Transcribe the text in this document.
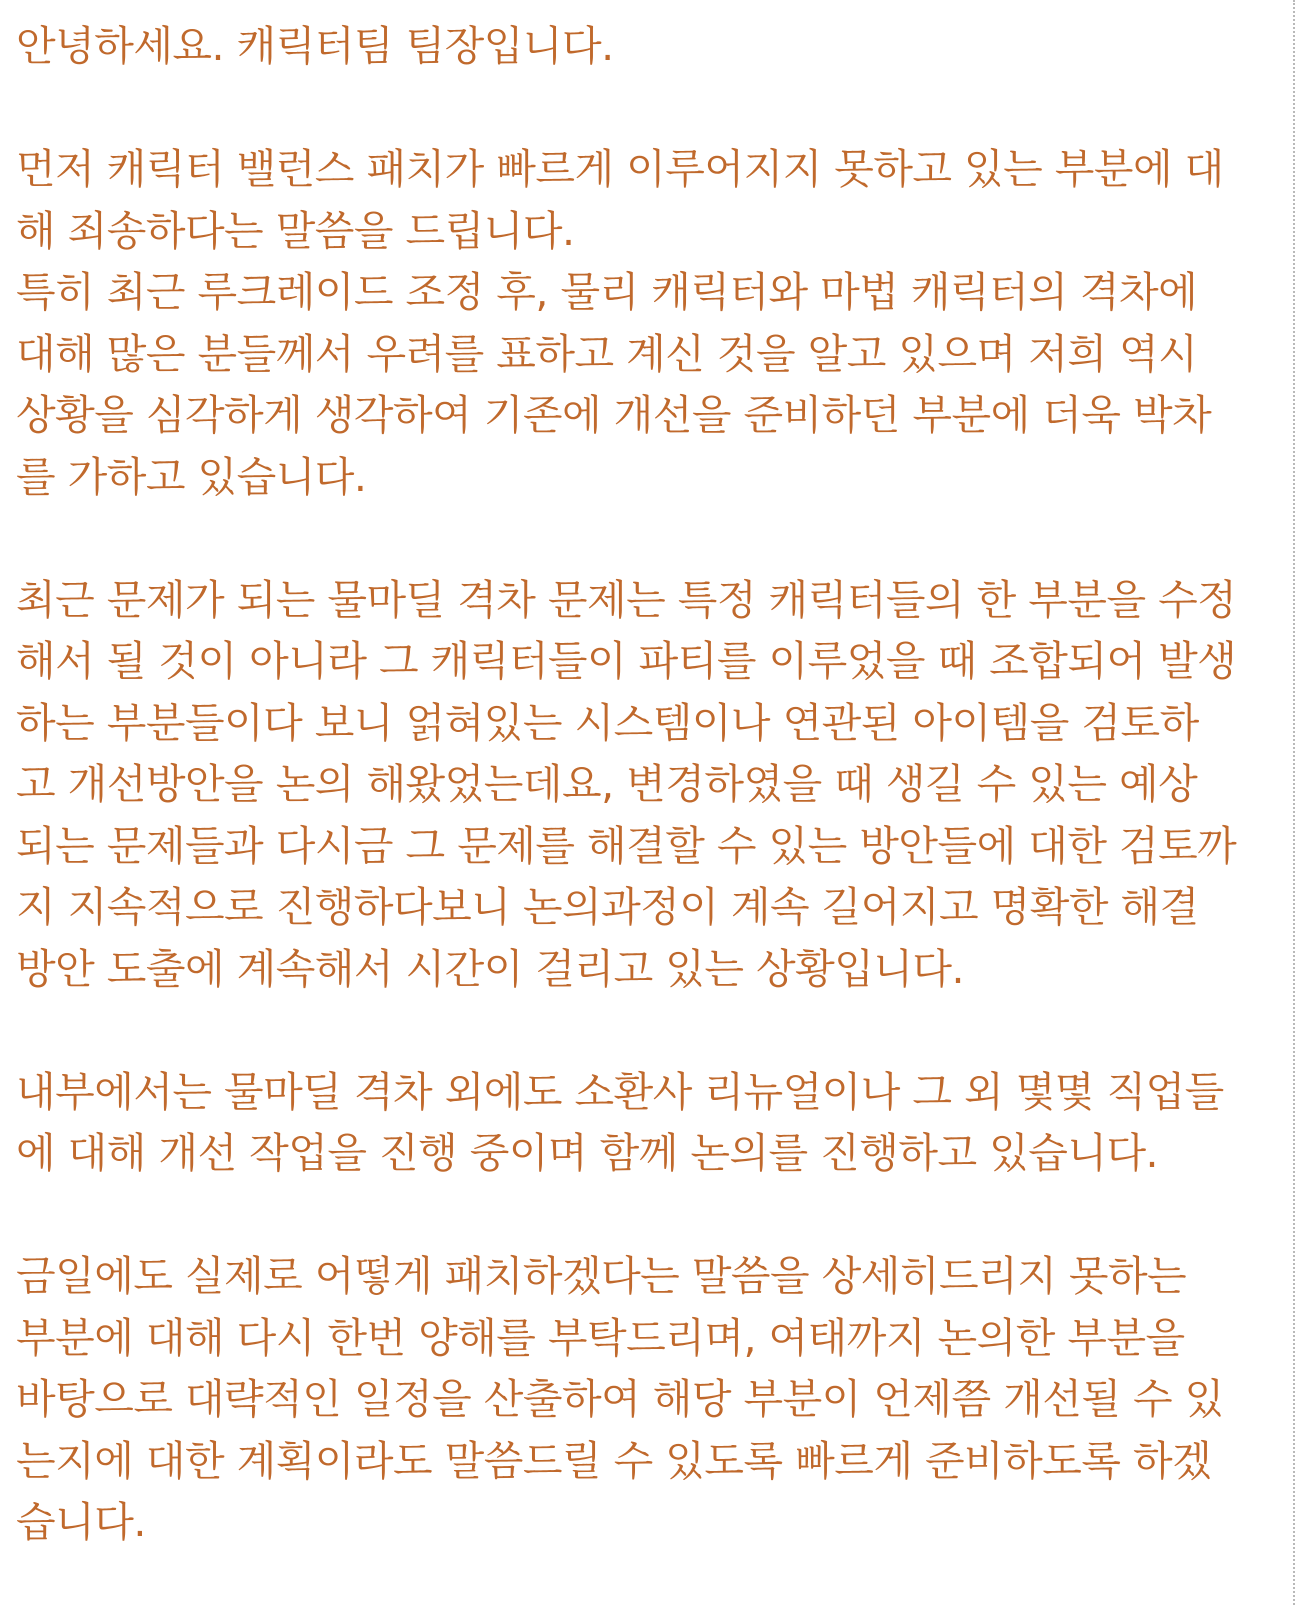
안녕하세요. 캐릭터팀 팀장입니다.

먼저 캐릭터 밸런스 패치가 빠르게 이루어지지 못하고 있는 부분에 대
해 죄송하다는 말씀을 드립니다.
특히 최근 루크레이드 조정 후, 물리 캐릭터와 마법 캐릭터의 격차에
대해 많은 분들께서 우려를 표하고 계신 것을 알고 있으며 저희 역시
상황을 심각하게 생각하여 기존에 개선을 준비하던 부분에 더욱 박차
를 가하고 있습니다.

최근 문제가 되는 물마딜 격차 문제는 특정 캐릭터들의 한 부분을 수정
해서 될 것이 아니라 그 캐릭터들이 파티를 이루었을 때 조합되어 발생
하는 부분들이다 보니 얽혀있는 시스템이나 연관된 아이템을 검토하
고 개선방안을 논의 해왔었는데요, 변경하였을 때 생길 수 있는 예상
되는 문제들과 다시금 그 문제를 해결할 수 있는 방안들에 대한 검토까
지 지속적으로 진행하다보니 논의과정이 계속 길어지고 명확한 해결
방안 도출에 계속해서 시간이 걸리고 있는 상황입니다.

내부에서는 물마딜 격차 외에도 소환사 리뉴얼이나 그 외 몇몇 직업들
에 대해 개선 작업을 진행 중이며 함께 논의를 진행하고 있습니다.

금일에도 실제로 어떻게 패치하겠다는 말씀을 상세히드리지 못하는
부분에 대해 다시 한번 양해를 부탁드리며, 여태까지 논의한 부분을
바탕으로 대략적인 일정을 산출하여 해당 부분이 언제쯤 개선될 수 있
는지에 대한 계획이라도 말씀드릴 수 있도록 빠르게 준비하도록 하겠
습니다.
